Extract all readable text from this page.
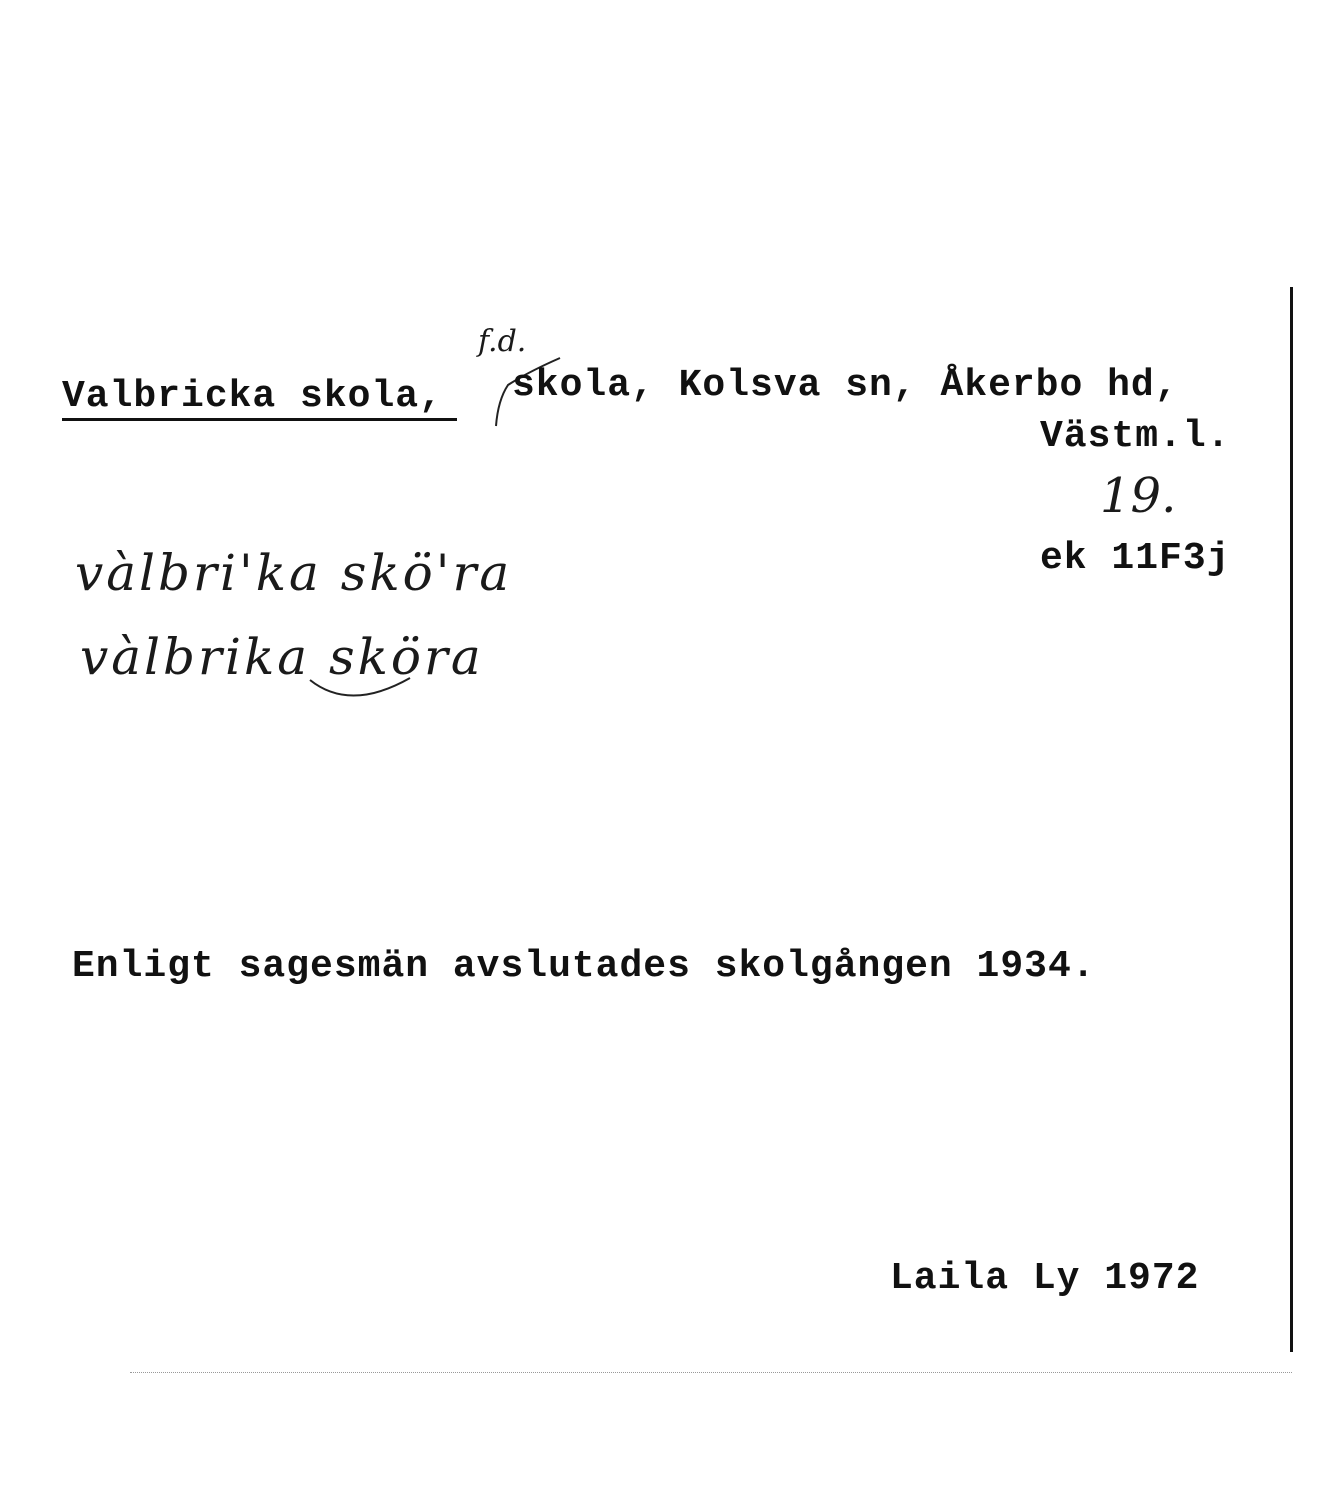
Valbricka skola,
f.d.
skola, Kolsva sn, Åkerbo hd,
Västm.l.
19.
ek 11F3j
vàlbri'ka skö'ra
vàlbrika sköra
Enligt sagesmän avslutades skolgången 1934.
Laila Ly 1972
